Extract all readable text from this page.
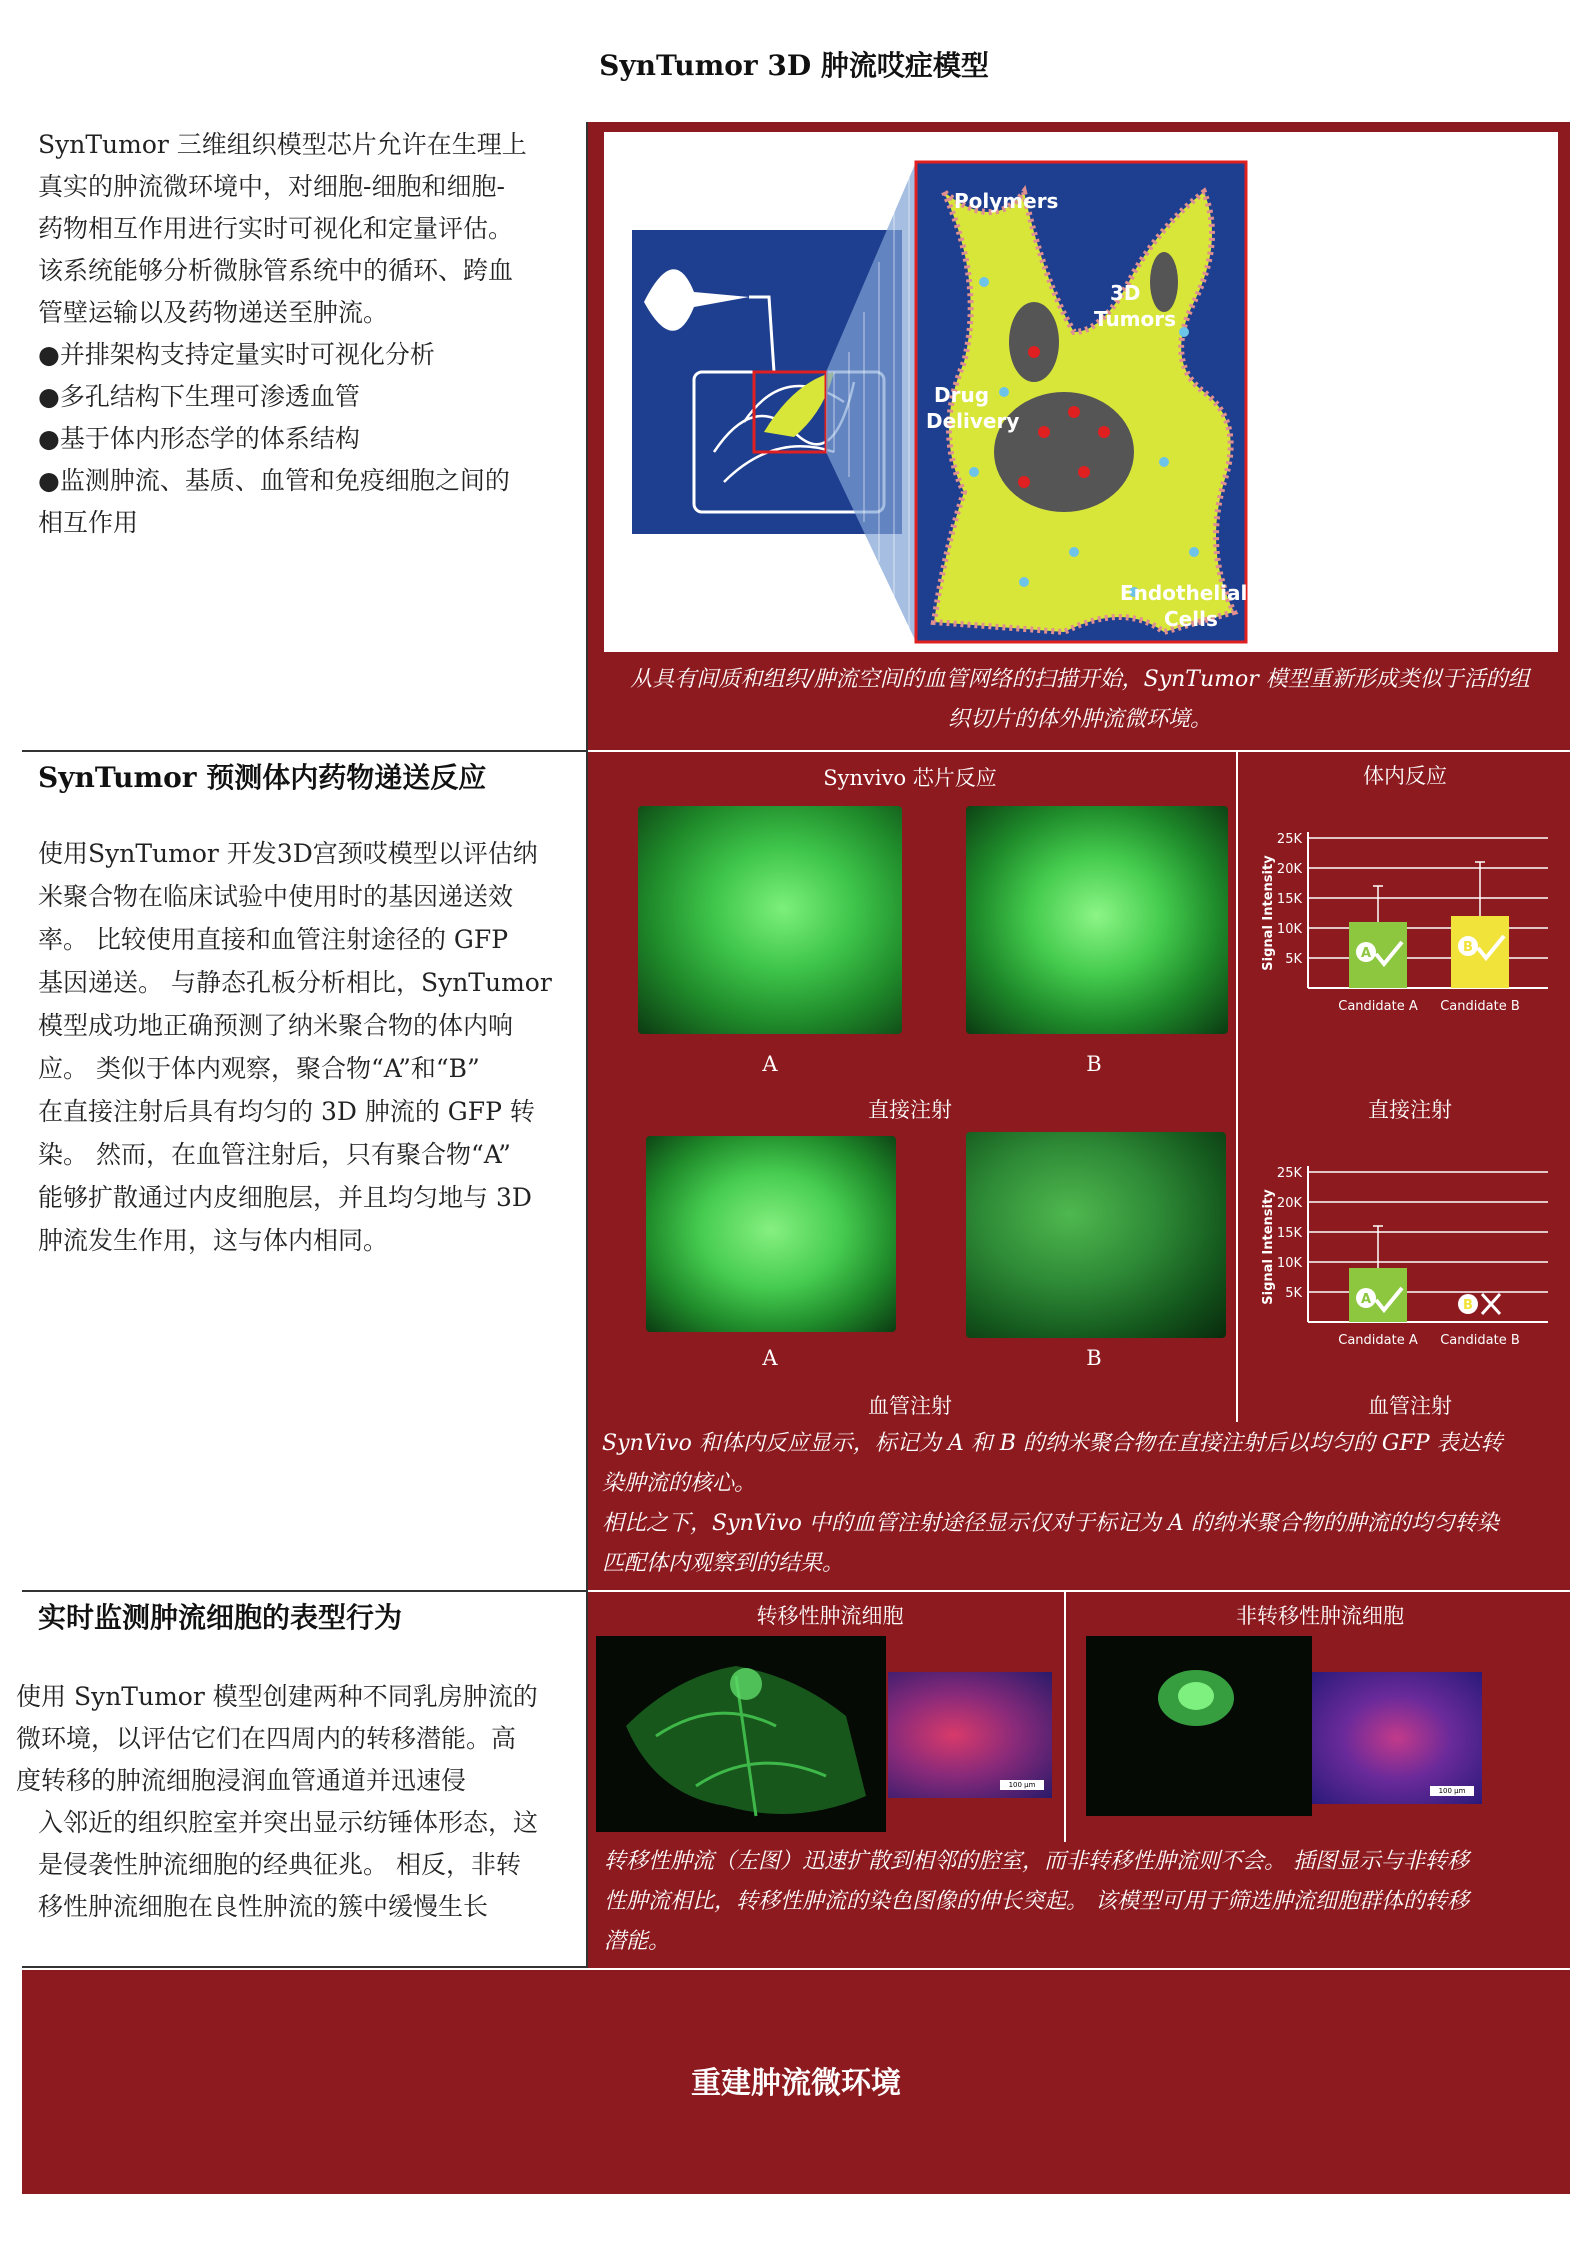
SynTumor 3D 肿流哎症模型
SynTumor 三维组织模型芯片允许在生理上
真实的肿流微环境中，对细胞-细胞和细胞-
药物相互作用进行实时可视化和定量评估。
该系统能够分析微脉管系统中的循环、跨血
管壁运输以及药物递送至肿流。
●并排架构支持定量实时可视化分析
●多孔结构下生理可渗透血管
●基于体内形态学的体系结构
●监测肿流、基质、血管和免疫细胞之间的
相互作用
Polymers
3D
Tumors
Drug
Delivery
Endothelial
Cells
从具有间质和组织/肿流空间的血管网络的扫描开始，SynTumor 模型重新形成类似于活的组
织切片的体外肿流微环境。
SynTumor 预测体内药物递送反应
使用SynTumor 开发3D宫颈哎模型以评估纳
米聚合物在临床试验中使用时的基因递送效
率。 比较使用直接和血管注射途径的 GFP
基因递送。 与静态孔板分析相比，SynTumor
模型成功地正确预测了纳米聚合物的体内响
应。 类似于体内观察，聚合物“A”和“B”
在直接注射后具有均匀的 3D 肿流的 GFP 转
染。 然而，在血管注射后，只有聚合物“A”
能够扩散通过内皮细胞层，并且均匀地与 3D
肿流发生作用，这与体内相同。
Synvivo 芯片反应	体内反应
A	B
直接注射	直接注射
A	B
血管注射	血管注射
5K
10K
15K
20K
25K
Signal Intensity	A
Candidate A
B
Candidate B
5K
10K
15K
20K
25K
Signal Intensity	A
Candidate A
B
Candidate B
SynVivo 和体内反应显示，标记为 A 和 B 的纳米聚合物在直接注射后以均匀的 GFP 表达转
染肿流的核心。
相比之下，SynVivo 中的血管注射途径显示仅对于标记为 A 的纳米聚合物的肿流的均匀转染
匹配体内观察到的结果。
实时监测肿流细胞的表型行为
使用 SynTumor 模型创建两种不同乳房肿流的
微环境，以评估它们在四周内的转移潜能。高
度转移的肿流细胞浸润血管通道并迅速侵
入邻近的组织腔室并突出显示纺锤体形态，这
是侵袭性肿流细胞的经典征兆。 相反，非转
移性肿流细胞在良性肿流的簇中缓慢生长
转移性肿流细胞	非转移性肿流细胞
100 μm
100 μm
转移性肿流（左图）迅速扩散到相邻的腔室，而非转移性肿流则不会。 插图显示与非转移
性肿流相比，转移性肿流的染色图像的伸长突起。 该模型可用于筛选肿流细胞群体的转移
潜能。
重建肿流微环境
